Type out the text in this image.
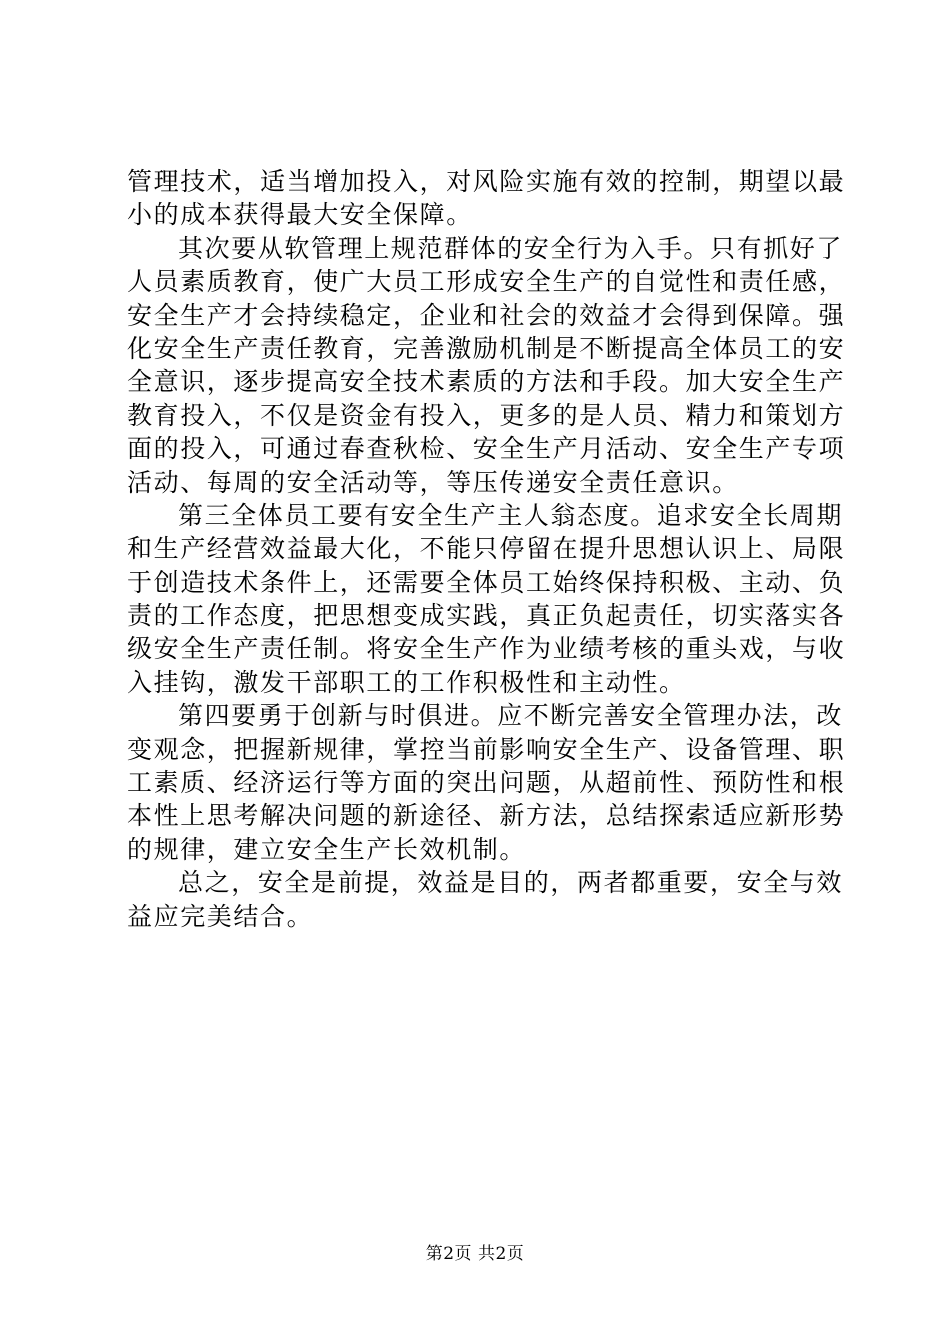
管理技术，适当增加投入，对风险实施有效的控制，期望以最
小的成本获得最大安全保障。
其次要从软管理上规范群体的安全行为入手。只有抓好了
人员素质教育，使广大员工形成安全生产的自觉性和责任感，
安全生产才会持续稳定，企业和社会的效益才会得到保障。强
化安全生产责任教育，完善激励机制是不断提高全体员工的安
全意识，逐步提高安全技术素质的方法和手段。加大安全生产
教育投入，不仅是资金有投入，更多的是人员、精力和策划方
面的投入，可通过春查秋检、安全生产月活动、安全生产专项
活动、每周的安全活动等，等压传递安全责任意识。
第三全体员工要有安全生产主人翁态度。追求安全长周期
和生产经营效益最大化，不能只停留在提升思想认识上、局限
于创造技术条件上，还需要全体员工始终保持积极、主动、负
责的工作态度，把思想变成实践，真正负起责任，切实落实各
级安全生产责任制。将安全生产作为业绩考核的重头戏，与收
入挂钩，激发干部职工的工作积极性和主动性。
第四要勇于创新与时俱进。应不断完善安全管理办法，改
变观念，把握新规律，掌控当前影响安全生产、设备管理、职
工素质、经济运行等方面的突出问题，从超前性、预防性和根
本性上思考解决问题的新途径、新方法，总结探索适应新形势
的规律，建立安全生产长效机制。
总之，安全是前提，效益是目的，两者都重要，安全与效
益应完美结合。
第2页 共2页
